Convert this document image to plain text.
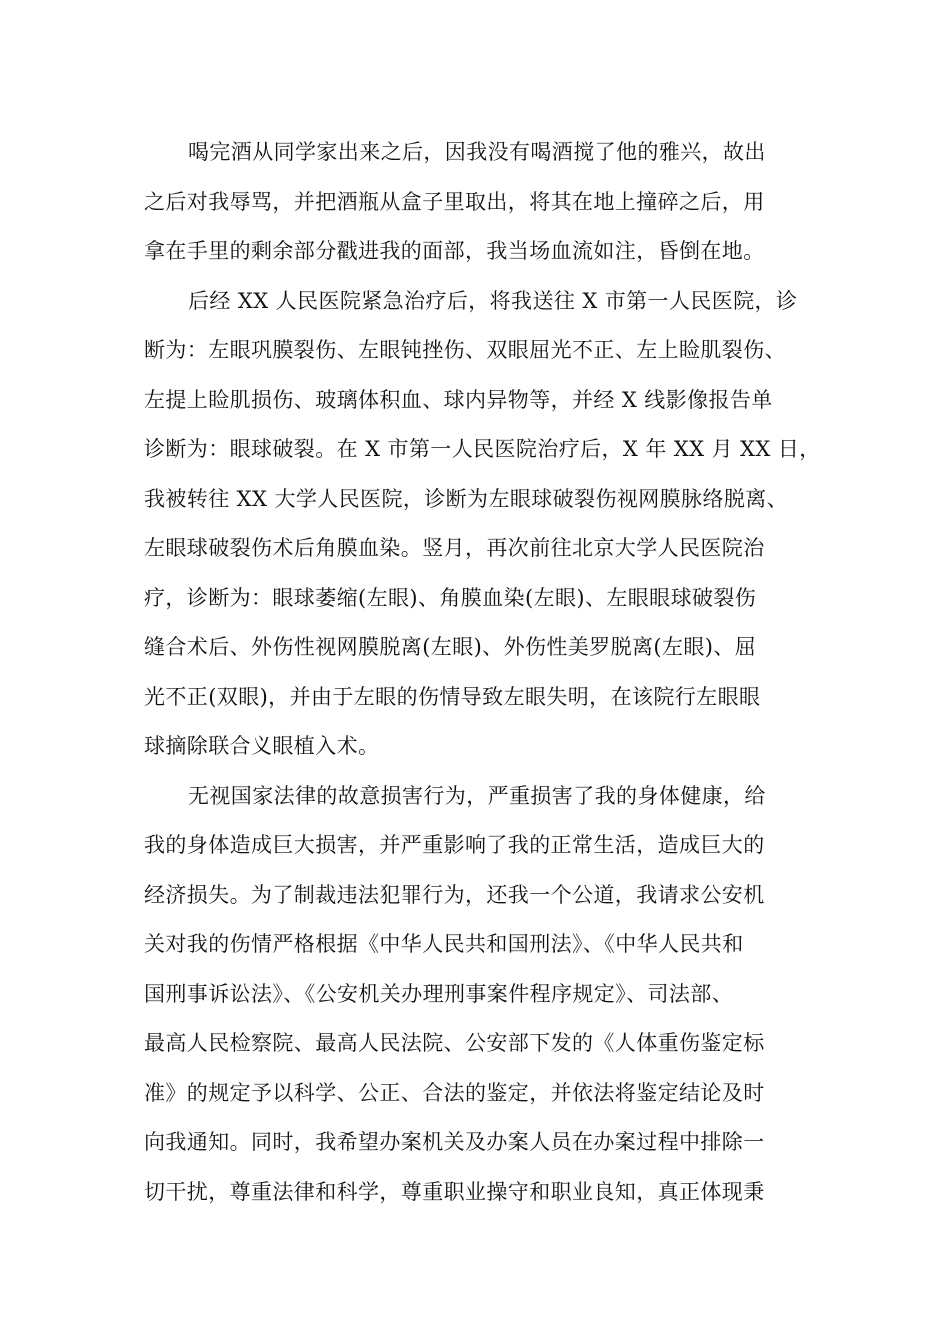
喝完酒从同学家出来之后，因我没有喝酒搅了他的雅兴，故出
之后对我辱骂，并把酒瓶从盒子里取出，将其在地上撞碎之后，用
拿在手里的剩余部分戳进我的面部，我当场血流如注，昏倒在地。
后经 XX 人民医院紧急治疗后，将我送往 X 市第一人民医院，诊
断为：左眼巩膜裂伤、左眼钝挫伤、双眼屈光不正、左上睑肌裂伤、
左提上睑肌损伤、玻璃体积血、球内异物等，并经 X 线影像报告单
诊断为：眼球破裂。在 X 市第一人民医院治疗后，X 年 XX 月 XX 日，
我被转往 XX 大学人民医院，诊断为左眼球破裂伤视网膜脉络脱离、
左眼球破裂伤术后角膜血染。竖月，再次前往北京大学人民医院治
疗，诊断为：眼球萎缩(左眼)、角膜血染(左眼)、左眼眼球破裂伤
缝合术后、外伤性视网膜脱离(左眼)、外伤性美罗脱离(左眼)、屈
光不正(双眼)，并由于左眼的伤情导致左眼失明，在该院行左眼眼
球摘除联合义眼植入术。
无视国家法律的故意损害行为，严重损害了我的身体健康，给
我的身体造成巨大损害，并严重影响了我的正常生活，造成巨大的
经济损失。为了制裁违法犯罪行为，还我一个公道，我请求公安机
关对我的伤情严格根据《中华人民共和国刑法》、《中华人民共和
国刑事诉讼法》、《公安机关办理刑事案件程序规定》、司法部、
最高人民检察院、最高人民法院、公安部下发的《人体重伤鉴定标
准》的规定予以科学、公正、合法的鉴定，并依法将鉴定结论及时
向我通知。同时，我希望办案机关及办案人员在办案过程中排除一
切干扰，尊重法律和科学，尊重职业操守和职业良知，真正体现秉
